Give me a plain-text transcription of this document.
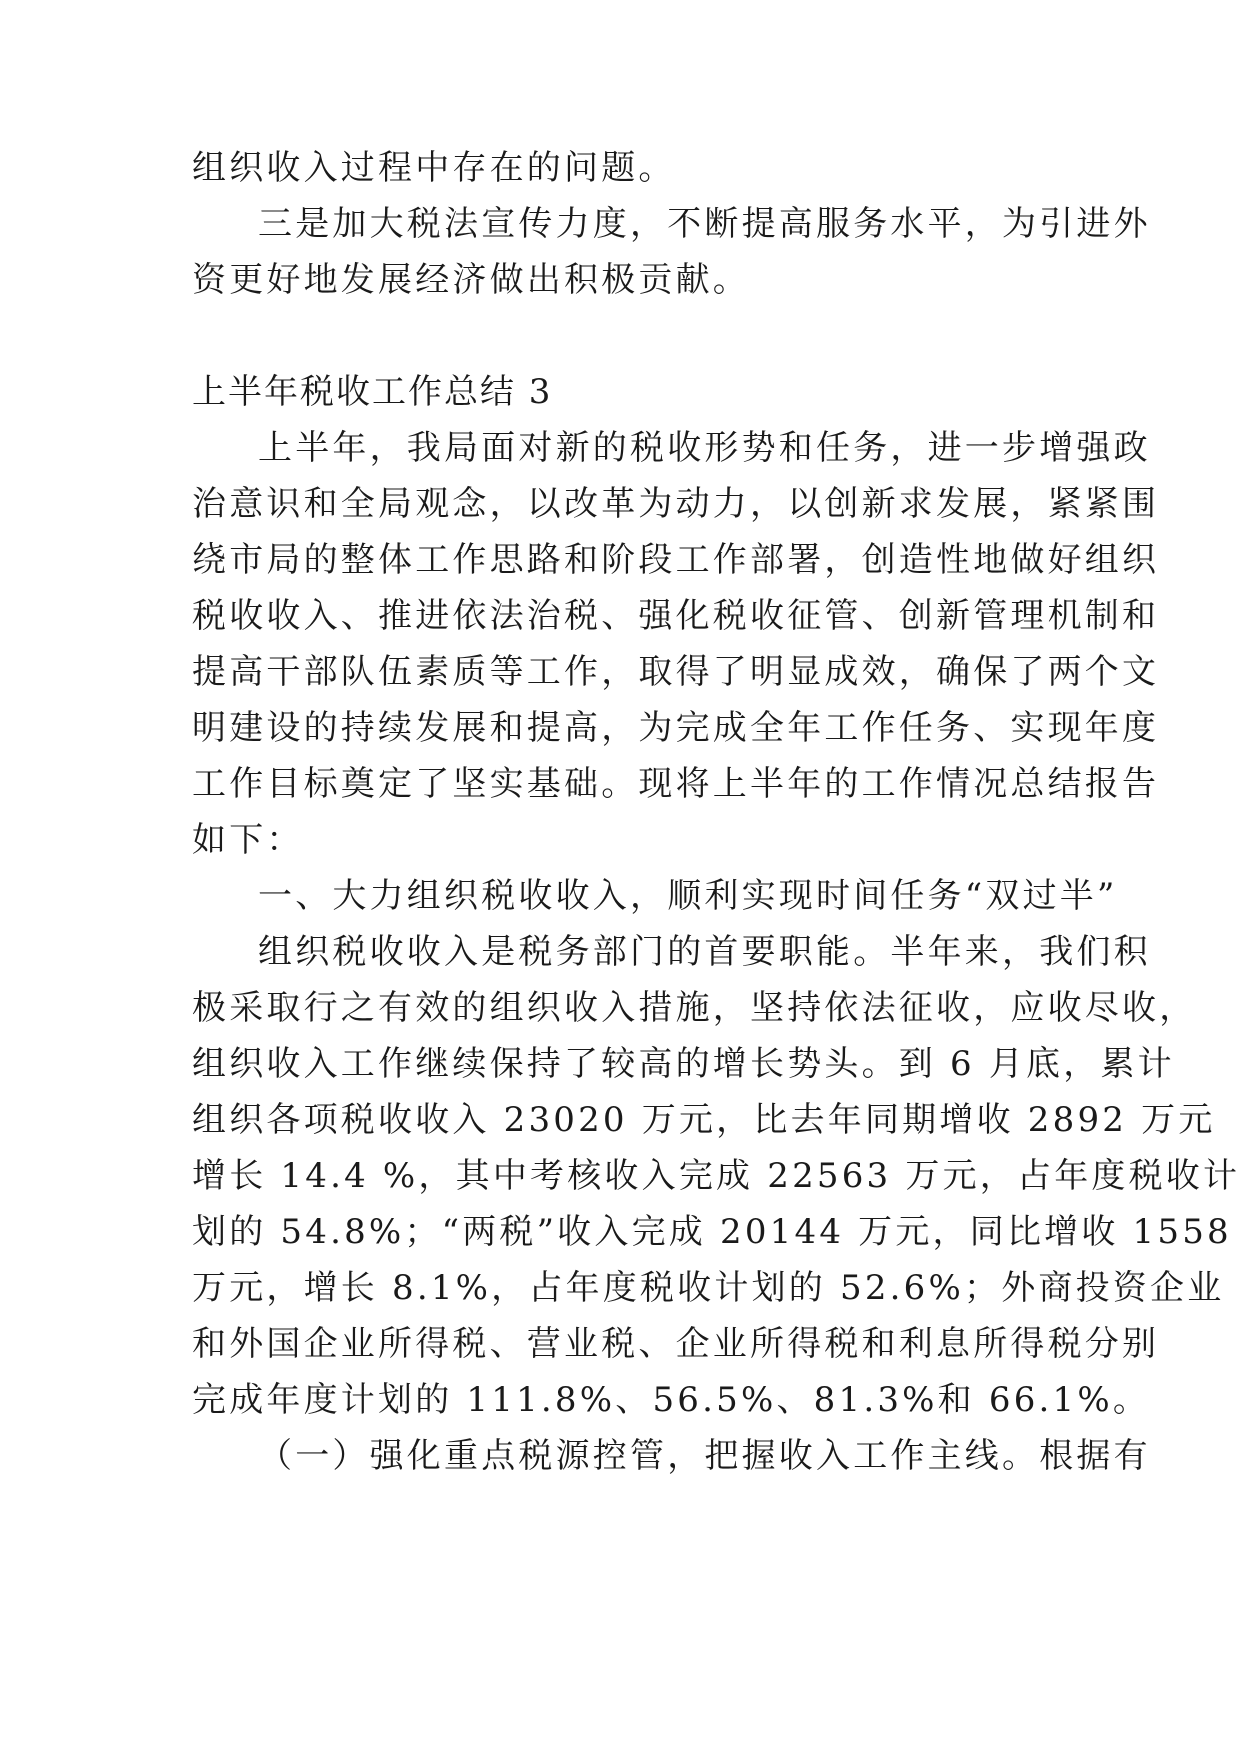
组织收入过程中存在的问题。
三是加大税法宣传力度，不断提高服务水平，为引进外
资更好地发展经济做出积极贡献。
上半年税收工作总结 3
上半年，我局面对新的税收形势和任务，进一步增强政
治意识和全局观念，以改革为动力，以创新求发展，紧紧围
绕市局的整体工作思路和阶段工作部署，创造性地做好组织
税收收入、推进依法治税、强化税收征管、创新管理机制和
提高干部队伍素质等工作，取得了明显成效，确保了两个文
明建设的持续发展和提高，为完成全年工作任务、实现年度
工作目标奠定了坚实基础。现将上半年的工作情况总结报告
如下：
一、大力组织税收收入，顺利实现时间任务“双过半”
组织税收收入是税务部门的首要职能。半年来，我们积
极采取行之有效的组织收入措施，坚持依法征收，应收尽收，
组织收入工作继续保持了较高的增长势头。到 6 月底，累计
组织各项税收收入 23020 万元，比去年同期增收 2892 万元
增长 14.4 %，其中考核收入完成 22563 万元，占年度税收计
划的 54.8%；“两税”收入完成 20144 万元，同比增收 1558
万元，增长 8.1%，占年度税收计划的 52.6%；外商投资企业
和外国企业所得税、营业税、企业所得税和利息所得税分别
完成年度计划的 111.8%、56.5%、81.3%和 66.1%。
（一）强化重点税源控管，把握收入工作主线。根据有
